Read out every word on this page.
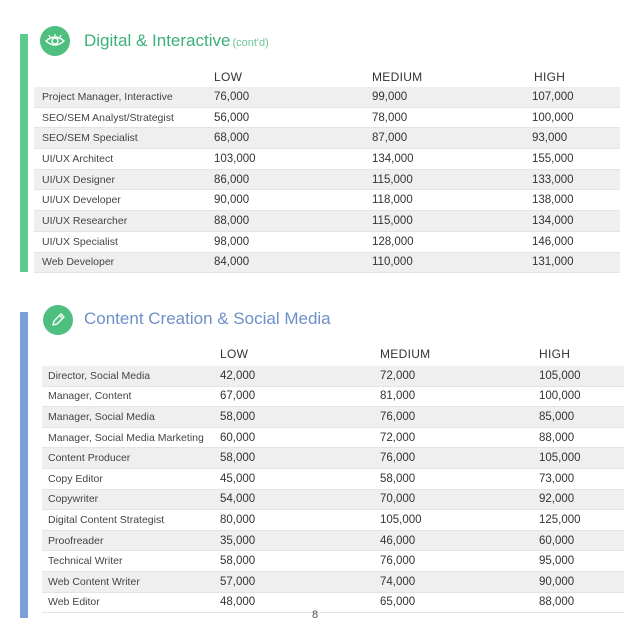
Digital & Interactive (cont'd)
LOW	MEDIUM	HIGH
Project Manager, Interactive	76,000	99,000	107,000
SEO/SEM Analyst/Strategist	56,000	78,000	100,000
SEO/SEM Specialist	68,000	87,000	93,000
UI/UX Architect	103,000	134,000	155,000
UI/UX Designer	86,000	115,000	133,000
UI/UX Developer	90,000	118,000	138,000
UI/UX Researcher	88,000	115,000	134,000
UI/UX Specialist	98,000	128,000	146,000
Web Developer	84,000	110,000	131,000
Content Creation & Social Media
LOW	MEDIUM	HIGH
Director, Social Media	42,000	72,000	105,000
Manager, Content	67,000	81,000	100,000
Manager, Social Media	58,000	76,000	85,000
Manager, Social Media Marketing 60,000	72,000	88,000
Content Producer	58,000	76,000	105,000
Copy Editor	45,000	58,000	73,000
Copywriter	54,000	70,000	92,000
Digital Content Strategist	80,000	105,000	125,000
Proofreader	35,000	46,000	60,000
Technical Writer	58,000	76,000	95,000
Web Content Writer	57,000	74,000	90,000
Web Editor	48,000	65,000	88,000
8
